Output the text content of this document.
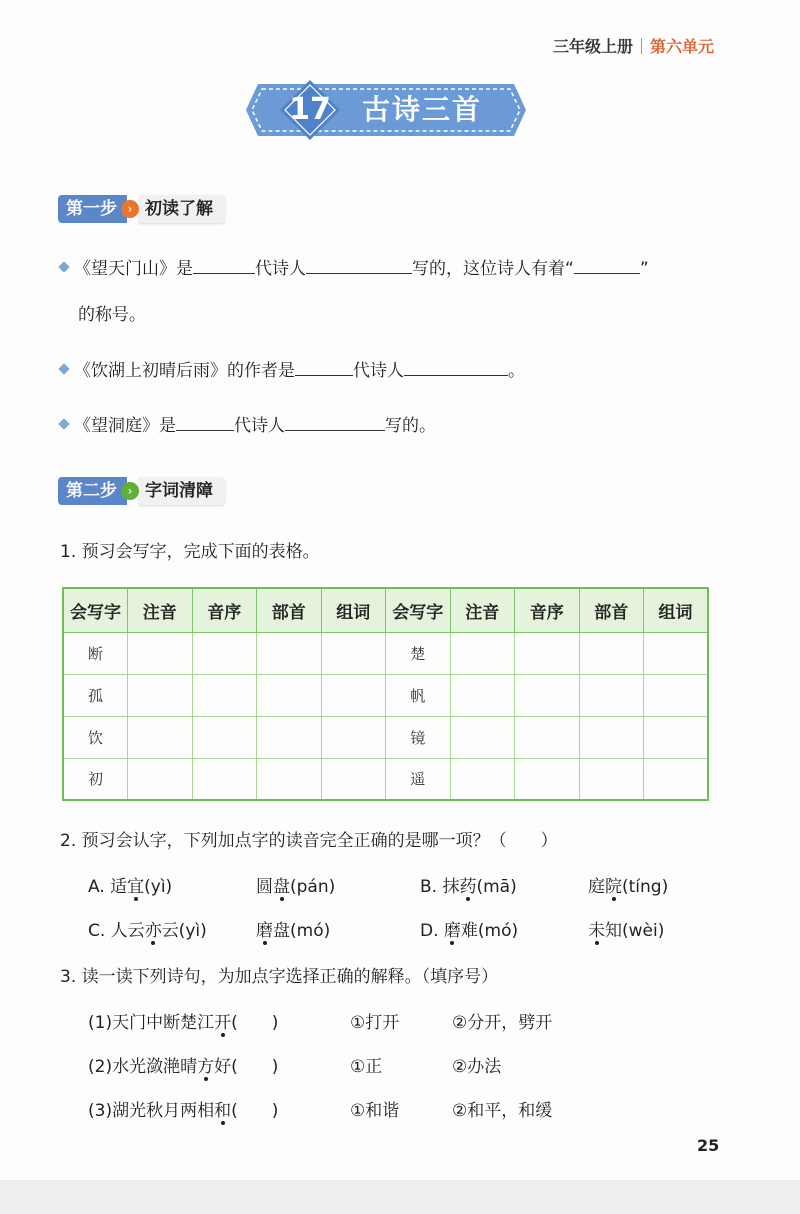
三年级上册 第六单元
17	古诗三首
第一步 › 初读了解
《望天门山》是	代诗人	写的，这位诗人有着“	”
的称号。
《饮湖上初晴后雨》的作者是	代诗人	。
《望洞庭》是	代诗人	写的。
第二步 › 字词清障
1. 预习会写字，完成下面的表格。
会写字	注音	音序	部首	组词	会写字	注音	音序	部首	组词
断					楚				
孤					帆				
饮					镜				
初					遥				
2. 预习会认字，下列加点字的读音完全正确的是哪一项？（　　）
A. 适宜(yì)	圆盘(pán)	B. 抹药(mā)	庭院(tíng)
C. 人云亦云(yì)	磨盘(mó)	D. 磨难(mó)	未知(wèi)
3. 读一读下列诗句，为加点字选择正确的解释。（填序号）
(1)天门中断楚江开(　　)	①打开	②分开，劈开
(2)水光潋滟晴方好(　　)	①正	②办法
(3)湖光秋月两相和(　　)	①和谐	②和平，和缓
25
